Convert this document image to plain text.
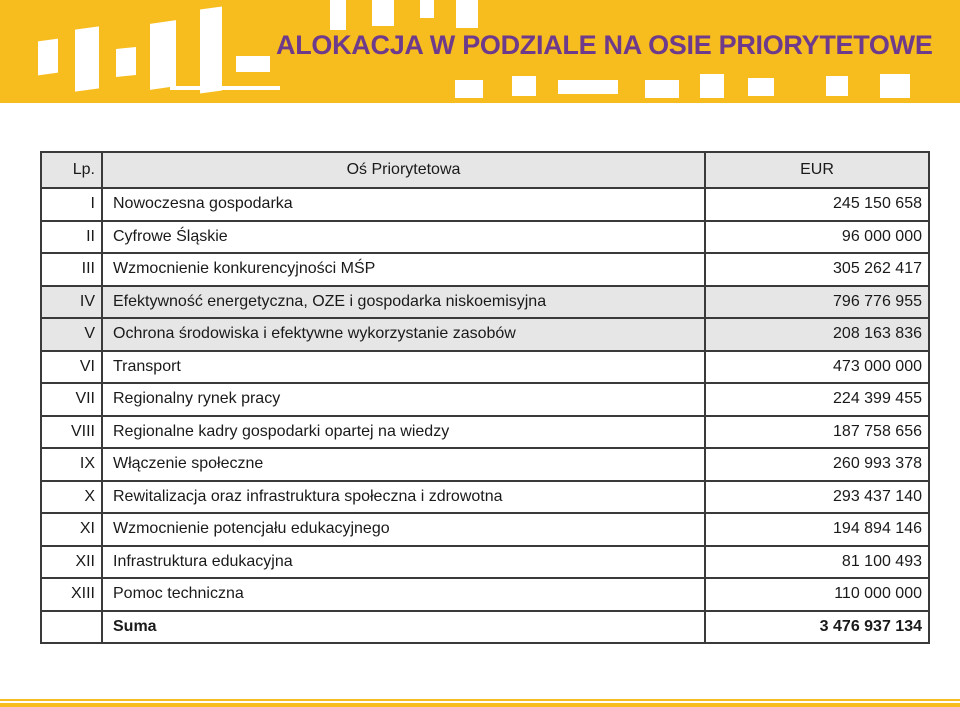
ALOKACJA W PODZIALE NA OSIE PRIORYTETOWE
Lp.	Oś Priorytetowa	EUR
I	Nowoczesna gospodarka	245 150 658
II	Cyfrowe Śląskie	96 000 000
III	Wzmocnienie konkurencyjności MŚP	305 262 417
IV	Efektywność energetyczna, OZE i gospodarka niskoemisyjna	796 776 955
V	Ochrona środowiska i efektywne wykorzystanie zasobów	208 163 836
VI	Transport	473 000 000
VII	Regionalny rynek pracy	224 399 455
VIII	Regionalne kadry gospodarki opartej na wiedzy	187 758 656
IX	Włączenie społeczne	260 993 378
X	Rewitalizacja oraz infrastruktura społeczna i zdrowotna	293 437 140
XI	Wzmocnienie potencjału edukacyjnego	194 894 146
XII	Infrastruktura edukacyjna	81 100 493
XIII	Pomoc techniczna	110 000 000
	Suma	3 476 937 134
